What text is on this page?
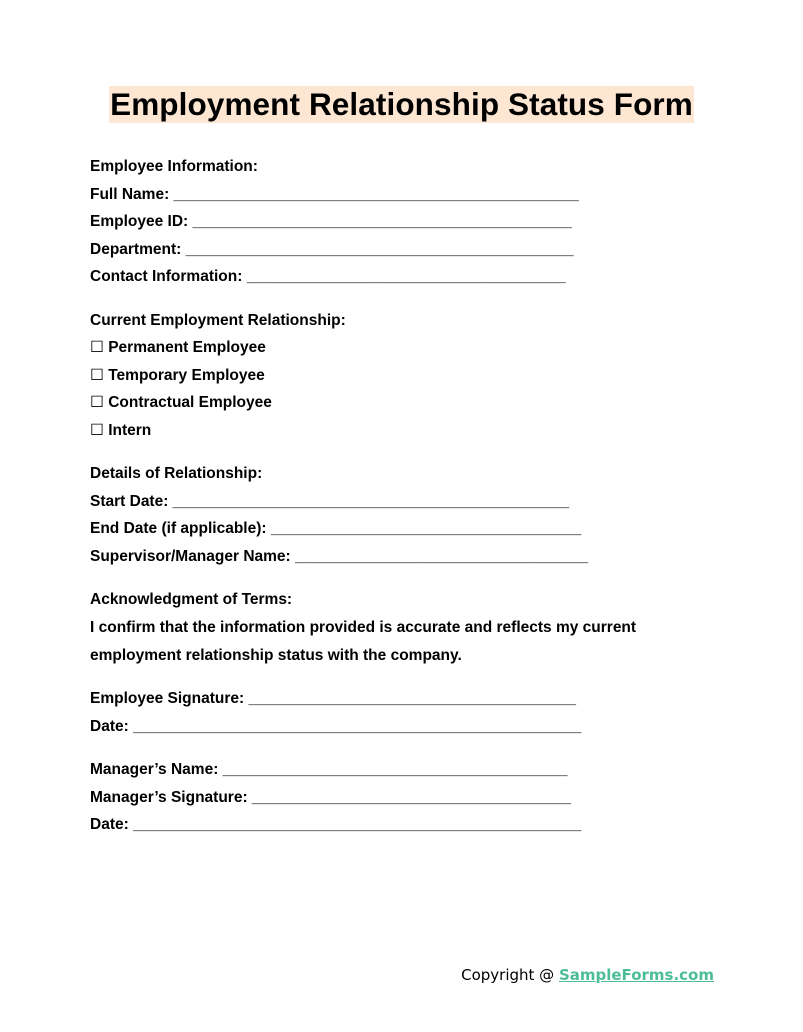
Employment Relationship Status Form
Employee Information:
Full Name: _______________________________________________
Employee ID: ____________________________________________
Department: _____________________________________________
Contact Information: _____________________________________
Current Employment Relationship:
☐ Permanent Employee
☐ Temporary Employee
☐ Contractual Employee
☐ Intern
Details of Relationship:
Start Date: ______________________________________________
End Date (if applicable): ____________________________________
Supervisor/Manager Name: __________________________________
Acknowledgment of Terms:
I confirm that the information provided is accurate and reflects my current employment relationship status with the company.
Employee Signature: ______________________________________
Date: ____________________________________________________
Manager’s Name: ________________________________________
Manager’s Signature: _____________________________________
Date: ____________________________________________________
Copyright @ SampleForms.com
